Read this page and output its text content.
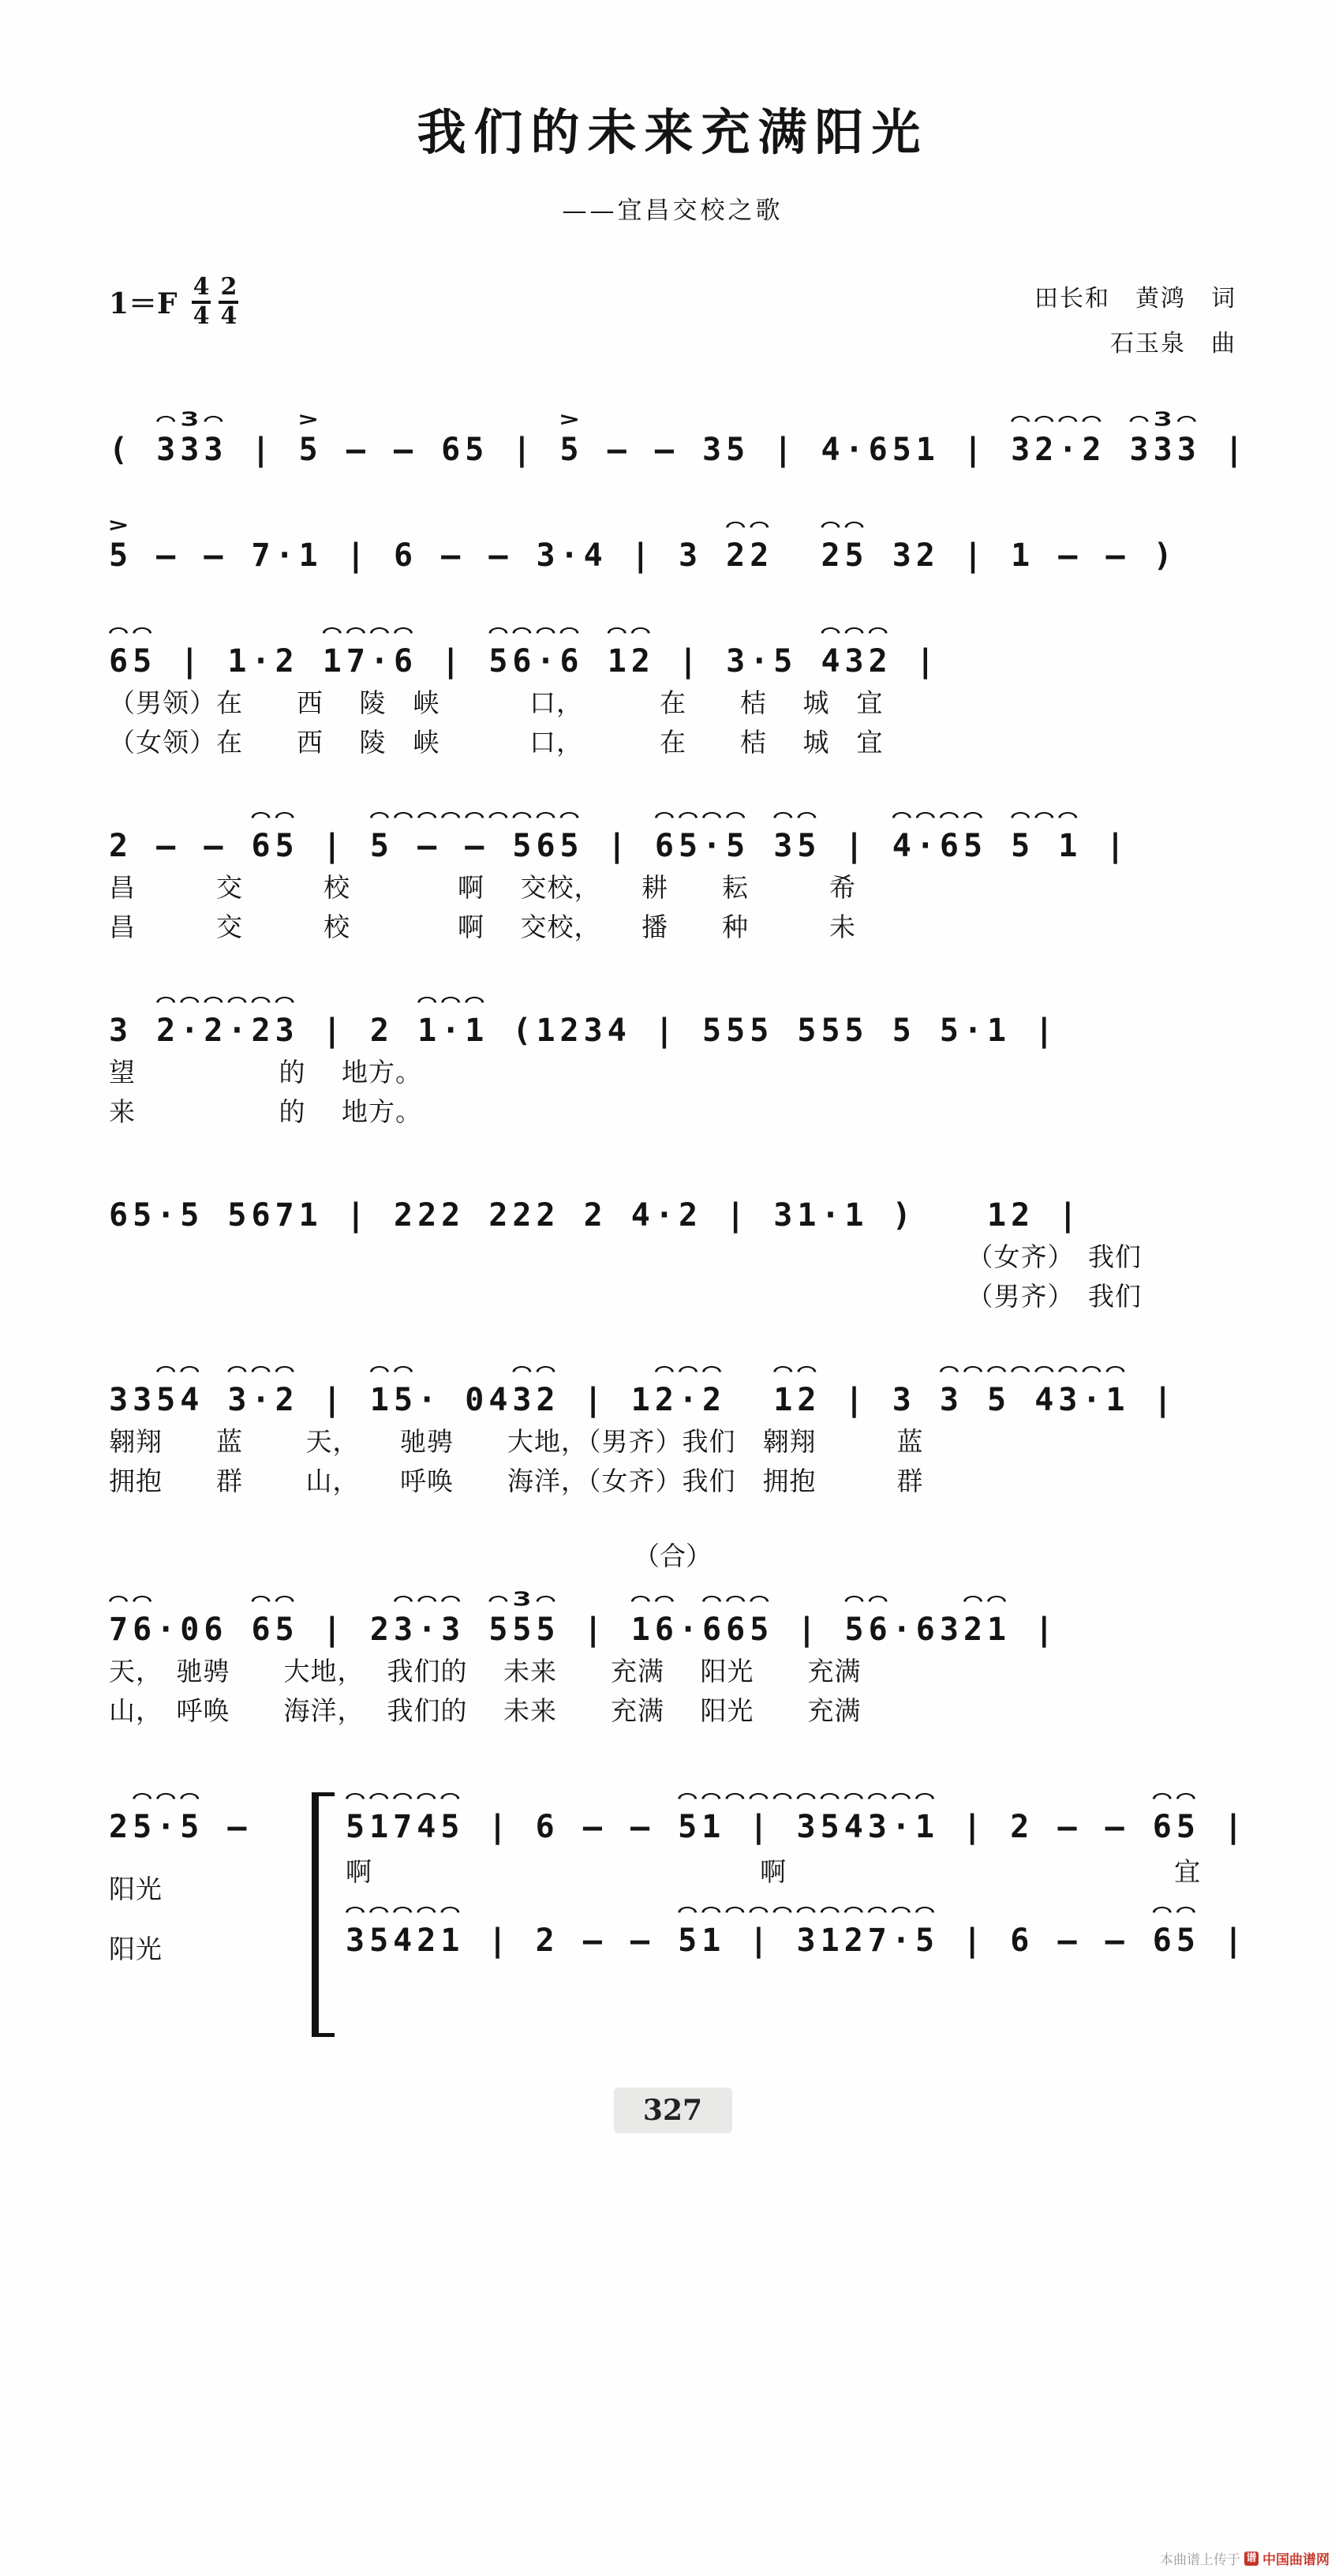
我们的未来充满阳光
——宜昌交校之歌
$1=F \frac{4}{4} \frac{2}{4}$	田长和　黄鸿　词
石玉泉　曲
⌒3⌒   >          >                  ⌒⌒⌒⌒ ⌒3⌒
( 333 | 5 — — 65 | 5 — — 35 | 4·651 | 32·2 333 |
>                         ⌒⌒  ⌒⌒
5 — — 7·1 | 6 — — 3·4 | 3 22  25 32 | 1 — — )
⌒⌒       ⌒⌒⌒⌒   ⌒⌒⌒⌒ ⌒⌒       ⌒⌒⌒
65 | 1·2 17·6 | 56·6 12 | 3·5 432 |
（男领）在　　西　 陵　峡　　　 口，　　　 在　　桔　 城　宜
（女领）在　　西　 陵　峡　　　 口，　　　 在　　桔　 城　宜
⌒⌒   ⌒⌒⌒⌒⌒⌒⌒⌒⌒   ⌒⌒⌒⌒ ⌒⌒   ⌒⌒⌒⌒ ⌒⌒⌒
2 — — 65 | 5 — — 565 | 65·5 35 | 4·65 5 1 |
昌　　　交　　　校　　　　啊　 交校，　　耕　　耘　　　希
昌　　　交　　　校　　　　啊　 交校，　　播　　种　　　未
⌒⌒⌒⌒⌒⌒     ⌒⌒⌒
3 2·2·23 | 2 1·1 (1234 | 555 555 5 5·1 |
望　　　　　 的　 地方。
来　　　　　 的　 地方。
65·5 5671 | 222 222 2 4·2 | 31·1 )   12 |
（女齐）　我们
（男齐）　我们
⌒⌒ ⌒⌒⌒   ⌒⌒    ⌒⌒    ⌒⌒⌒  ⌒⌒     ⌒⌒⌒⌒⌒⌒⌒⌒
3354 3·2 | 15· 0432 | 12·2  12 | 3 3 5 43·1 |
翱翔　　蓝　　 天，　　驰骋　　大地，（男齐）我们　翱翔　　　蓝
拥抱　　群　　 山，　　呼唤　　海洋，（女齐）我们　拥抱　　　群
（合）
⌒⌒    ⌒⌒    ⌒⌒⌒ ⌒3⌒   ⌒⌒ ⌒⌒⌒   ⌒⌒   ⌒⌒
76·06 65 | 23·3 555 | 16·665 | 56·6321 |
天，　驰骋　　大地，　 我们的　 未来　　充满　 阳光　　充满
山，　呼唤　　海洋，　 我们的　 未来　　充满　 阳光　　充满
⌒⌒⌒
25·5 —
阳光
阳光
⌒⌒⌒⌒⌒         ⌒⌒⌒⌒⌒⌒⌒⌒⌒⌒⌒         ⌒⌒
51745 | 6 — — 51 | 3543·1 | 2 — — 65 |
啊	啊	宜
⌒⌒⌒⌒⌒         ⌒⌒⌒⌒⌒⌒⌒⌒⌒⌒⌒         ⌒⌒
35421 | 2 — — 51 | 3127·5 | 6 — — 65 |
327
本曲谱上传于 谱 中国曲谱网
